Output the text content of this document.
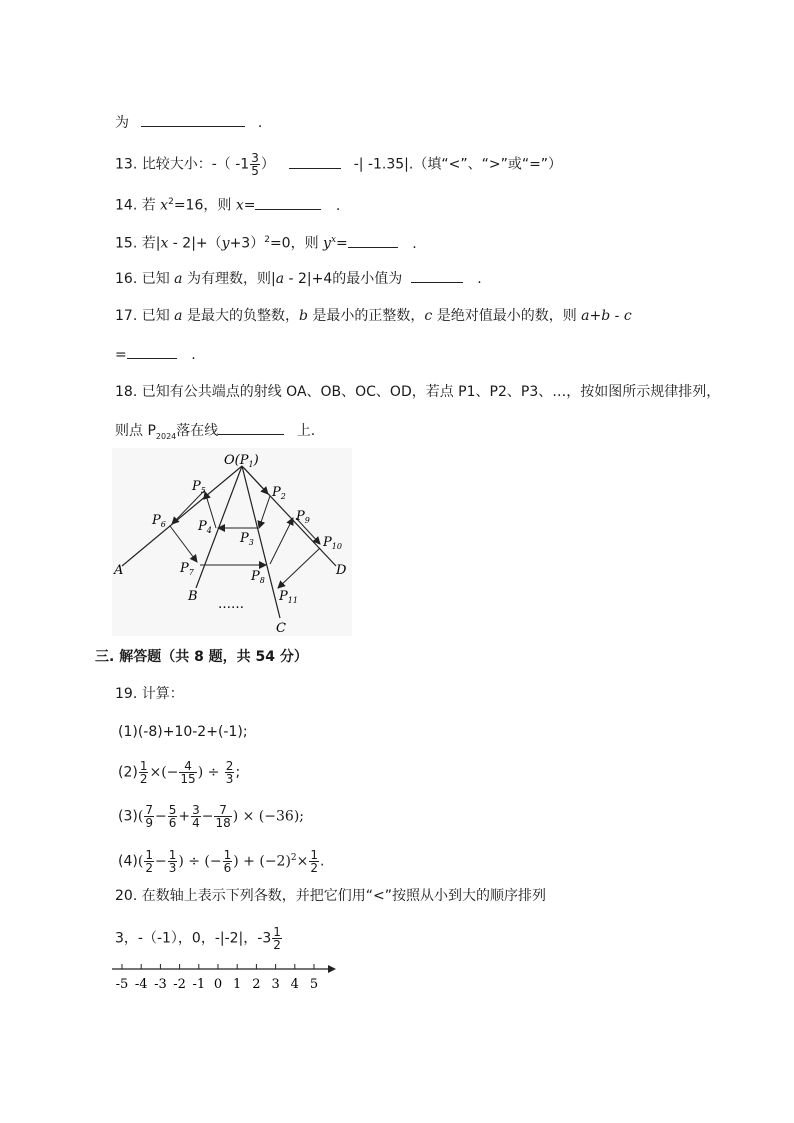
为	.
13. 比较大小：-（ $-1 \frac{3}{5}$ ）	-| -1.35|.（填“<”、“>”或“=”）
14. 若 $x^2=16$，则 x=	.
15. 若$|x - 2|+(y+3)^2=0$，则 $y^x=$	.
16. 已知 a 为有理数，则|a - 2|+4的最小值为	.
17. 已知 a 是最大的负整数，b 是最小的正整数，c 是绝对值最小的数，则 a+b - c
=	.
18. 已知有公共端点的射线 OA、OB、OC、OD，若点 P1、P2、P3、…，按如图所示规律排列，
则点 $P_{2024}$落在线	上.
$O(P_1)$
$P_2$
$P_3$
$P_4$
$P_5$
$P_6$
$P_7$	$P_8$
$P_9$
$P_{10}$
$P_{11}$
A
B
C
D
……
三. 解答题（共 8 题，共 54 分）
19. 计算：
(1)(-8)+10-2+(-1);
$(2) \frac{1}{2}$ ×(− $\frac{4}{15}$ ) ÷ $\frac{2}{3}$ ;
$(3)( \frac{7}{9} - \frac{5}{6} + \frac{3}{4} - \frac{7}{18}$ ) × (−36);
$(4)( \frac{1}{2} - \frac{1}{3}$ ) ÷ (− $\frac{1}{6}$ ) + $(-2)^2\times \frac{1}{2}$ .
20. 在数轴上表示下列各数，并把它们用“<”按照从小到大的顺序排列
3，-（-1），0，-|-2|，$-3 \frac{1}{2}$
-5 -4 -3 -2 -1 0 1 2 3 4 5
